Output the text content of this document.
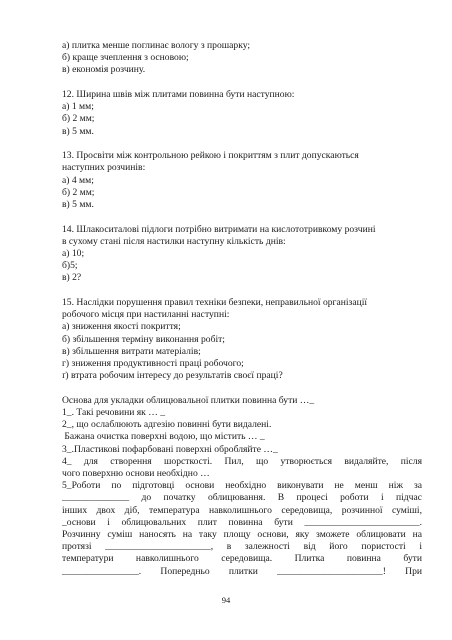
а) плитка менше поглинає вологу з прошарку;
б) краще зчеплення з основою;
в) економія розчину.
12. Ширина швів між плитами повинна бути наступною:
а) 1 мм;
б) 2 мм;
в) 5 мм.
13. Просвіти між контрольною рейкою і покриттям з плит допускаються
наступних розчинів:
а) 4 мм;
б) 2 мм;
в) 5 мм.
14. Шлакоситалові підлоги потрібно витримати на кислототривкому розчині
в сухому стані після настилки наступну кількість днів:
а) 10;
б)5;
в) 2?
15. Наслідки порушення правил техніки безпеки, неправильної організації
робочого місця при настиланні наступні:
а) зниження якості покриття;
б) збільшення терміну виконання робіт;
в) збільшення витрати матеріалів;
г) зниження продуктивності праці робочого;
ґ) втрата робочим інтересу до результатів своєї праці?
Основа для укладки облицювальної плитки повинна бути …_
1_. Такі речовини як … _
2_, що ослаблюють адгезію повинні бути видалені.
Бажана очистка поверхні водою, що містить … _
3_.Пластикові пофарбовані поверхні обробляйте …_
4_ для створення шорсткості. Пил, що утворюється видаляйте, після
чого поверхню основи необхідно …
5_Роботи по підготовці основи необхідно виконувати не менш ніж за
______________ до початку облицювання. В процесі роботи і підчас
інших двох діб, температура навколишнього середовища, розчинної суміші,
_основи і облицювальних плит повинна бути ________________________.
Розчинну суміш наносять на таку площу основи, яку зможете облицювати на
протязі ______________________, в залежності від його пористості і
температури навколишнього середовища. Плитка повинна бути
________________. Попередньо плитки ______________________! При
94
